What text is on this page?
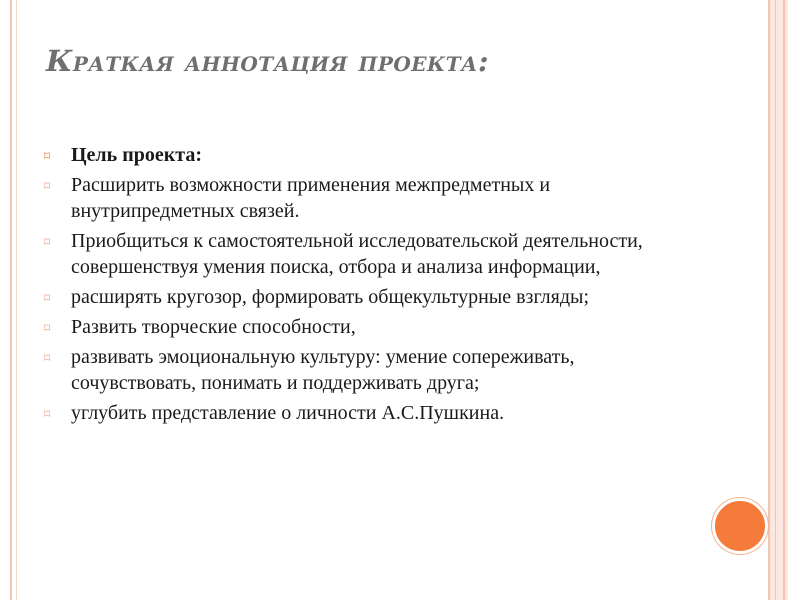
Краткая аннотация проекта:
⌑ Цель проекта:
⌑ Расширить возможности применения межпредметных и внутрипредметных связей.
⌑ Приобщиться к самостоятельной исследовательской деятельности, совершенствуя умения поиска, отбора и анализа информации,
⌑ расширять кругозор, формировать общекультурные взгляды;
⌑ Развить творческие способности,
⌑ развивать эмоциональную культуру: умение сопереживать, сочувствовать, понимать и поддерживать друга;
⌑ углубить представление о личности А.С.Пушкина.
